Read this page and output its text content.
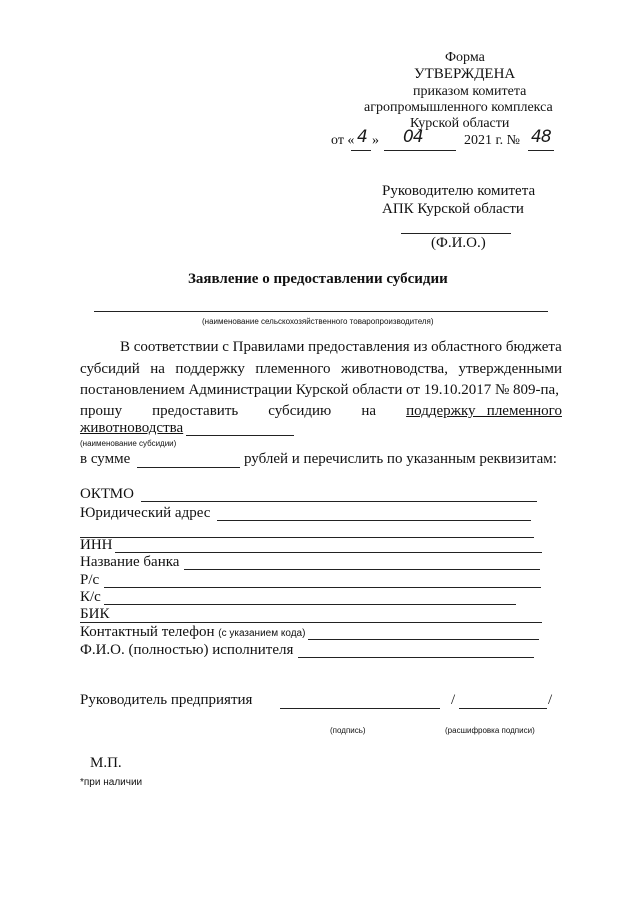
Форма
УТВЕРЖДЕНА
приказом комитета
агропромышленного комплекса
Курской области
от « 4 » 04	2021 г. № 48
Руководителю комитета
АПК Курской области
(Ф.И.О.)
Заявление о предоставлении субсидии
(наименование сельскохозяйственного товаропроизводителя)
В соответствии с Правилами предоставления из областного бюджета
субсидий на поддержку племенного животноводства, утвержденными
постановлением Администрации Курской области от 19.10.2017 № 809-па,
прошу предоставить субсидию на поддержку   племенного
животноводства
(наименование субсидии)
в сумме	рублей и перечислить по указанным реквизитам:
ОКТМО
Юридический адрес
ИНН
Название банка
Р/с
К/с
БИК
Контактный телефон (с указанием кода)
Ф.И.О. (полностью) исполнителя
Руководитель предприятия	/	/
(подпись)	(расшифровка подписи)
М.П.
*при наличии
